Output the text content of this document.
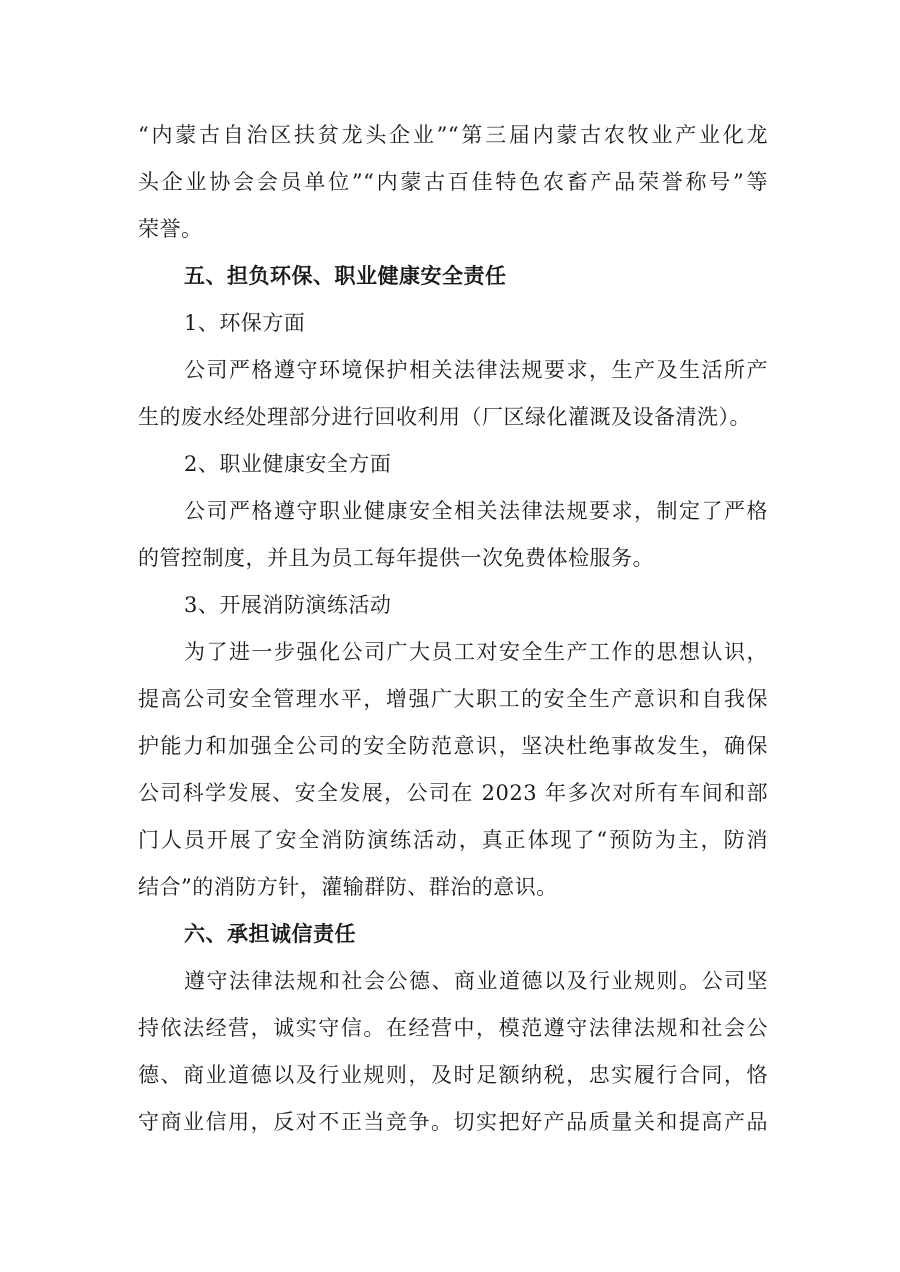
“内蒙古自治区扶贫龙头企业”“第三届内蒙古农牧业产业化龙
头企业协会会员单位”“内蒙古百佳特色农畜产品荣誉称号”等
荣誉。
五、担负环保、职业健康安全责任
1、环保方面
公司严格遵守环境保护相关法律法规要求，生产及生活所产
生的废水经处理部分进行回收利用（厂区绿化灌溉及设备清洗）。
2、职业健康安全方面
公司严格遵守职业健康安全相关法律法规要求，制定了严格
的管控制度，并且为员工每年提供一次免费体检服务。
3、开展消防演练活动
为了进一步强化公司广大员工对安全生产工作的思想认识，
提高公司安全管理水平，增强广大职工的安全生产意识和自我保
护能力和加强全公司的安全防范意识，坚决杜绝事故发生，确保
公司科学发展、安全发展，公司在 2023 年多次对所有车间和部
门人员开展了安全消防演练活动，真正体现了“预防为主，防消
结合”的消防方针，灌输群防、群治的意识。
六、承担诚信责任
遵守法律法规和社会公德、商业道德以及行业规则。公司坚
持依法经营，诚实守信。在经营中，模范遵守法律法规和社会公
德、商业道德以及行业规则，及时足额纳税，忠实履行合同，恪
守商业信用，反对不正当竞争。切实把好产品质量关和提高产品
